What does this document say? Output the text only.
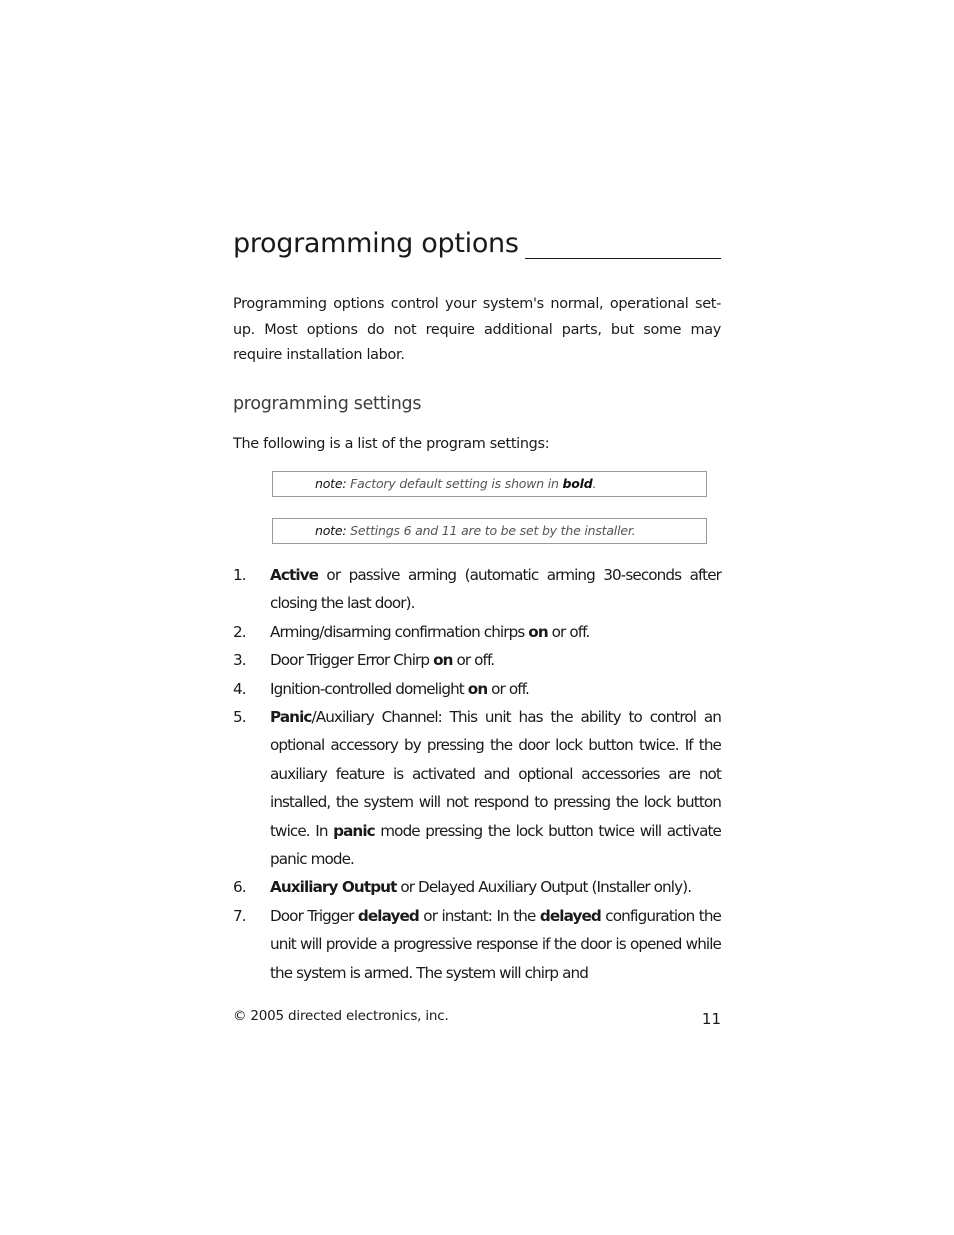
programming options

Programming options control your system's normal, operational set-up. Most options do not require additional parts, but some may require installation labor.

programming settings

The following is a list of the program settings:

note: Factory default setting is shown in bold.
note: Settings 6 and 11 are to be set by the installer.
1. Active or passive arming (automatic arming 30-seconds after closing the last door).
2. Arming/disarming confirmation chirps on or off.
3. Door Trigger Error Chirp on or off.
4. Ignition-controlled domelight on or off.
5. Panic/Auxiliary Channel: This unit has the ability to control an optional accessory by pressing the door lock button twice. If the auxiliary feature is activated and optional accessories are not installed, the system will not respond to pressing the lock button twice. In panic mode pressing the lock button twice will activate panic mode.
6. Auxiliary Output or Delayed Auxiliary Output (Installer only).
7. Door Trigger delayed or instant: In the delayed configuration the unit will provide a progressive response if the door is opened while the system is armed. The system will chirp and
© 2005 directed electronics, inc.	11
